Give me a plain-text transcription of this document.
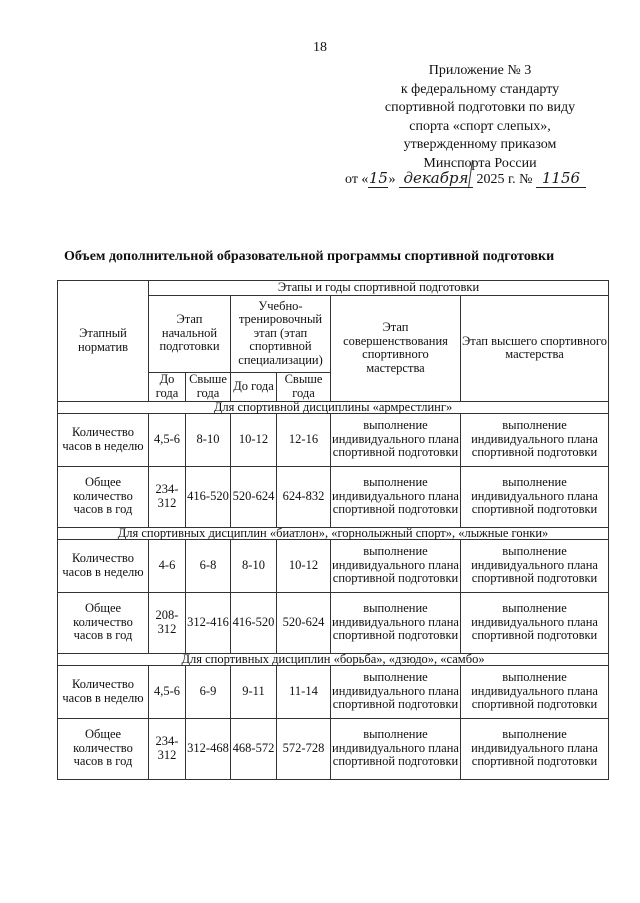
18
Приложение № 3
к федеральному стандарту
спортивной подготовки по виду
спорта «спорт слепых»,
утвержденному приказом
Минспорта России
от «15» декабря 2025 г. № 1156
Объем дополнительной образовательной программы спортивной подготовки
Этапный норматив	Этапы и годы спортивной подготовки					
	Этап начальной подготовки		Учебно-тренировочный этап (этап спортивной специализации)		Этап совершенствования спортивного мастерства	Этап высшего спортивного мастерства
	До года	Свыше года	До года	Свыше года		
Для спортивной дисциплины «армрестлинг»						
Количество часов в неделю	4,5-6	8-10	10-12	12-16	выполнение индивидуального плана спортивной подготовки	выполнение индивидуального плана спортивной подготовки
Общее количество часов в год	234-312	416-520	520-624	624-832	выполнение индивидуального плана спортивной подготовки	выполнение индивидуального плана спортивной подготовки
Для спортивных дисциплин «биатлон», «горнолыжный спорт», «лыжные гонки»						
Количество часов в неделю	4-6	6-8	8-10	10-12	выполнение индивидуального плана спортивной подготовки	выполнение индивидуального плана спортивной подготовки
Общее количество часов в год	208-312	312-416	416-520	520-624	выполнение индивидуального плана спортивной подготовки	выполнение индивидуального плана спортивной подготовки
Для спортивных дисциплин «борьба», «дзюдо», «самбо»						
Количество часов в неделю	4,5-6	6-9	9-11	11-14	выполнение индивидуального плана спортивной подготовки	выполнение индивидуального плана спортивной подготовки
Общее количество часов в год	234-312	312-468	468-572	572-728	выполнение индивидуального плана спортивной подготовки	выполнение индивидуального плана спортивной подготовки
